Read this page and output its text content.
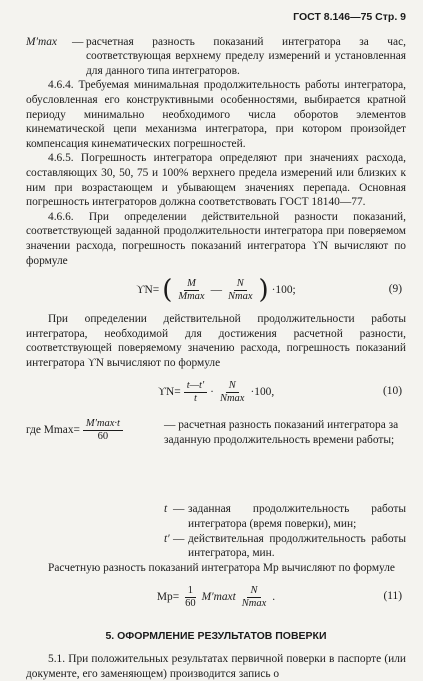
ГОСТ 8.146—75 Стр. 9
M′max — расчетная разность показаний интегратора за час, соответствующая верхнему пределу измерений и установленная для данного типа интеграторов.
4.6.4. Требуемая минимальная продолжительность работы интегратора, обусловленная его конструктивными особенностями, выбирается кратной периоду минимально необходимого числа оборотов элементов кинематической цепи механизма интегратора, при котором произойдет компенсация кинематических погрешностей.
4.6.5. Погрешность интегратора определяют при значениях расхода, составляющих 30, 50, 75 и 100% верхнего предела измерений или близких к ним при возрастающем и убывающем значениях перепада. Основная погрешность интеграторов должна соответствовать ГОСТ 18140—77.
4.6.6. При определении действительной разности показаний, соответствующей заданной продолжительности интегратора при поверяемом значении расхода, погрешность показаний интегратора ϒN вычисляют по формуле
ϒN= ( $\frac{M}{Mmax}$ — $\frac{N}{Nmax}$ ) ·100;	(9)
При определении действительной продолжительности работы интегратора, необходимой для достижения расчетной разности, соответствующей поверяемому значению расхода, погрешность показаний интегратора ϒN вычисляют по формуле
$ϒN= \frac{t—t'}{t} \cdot \frac{N}{Nmax} \cdot 100$,	(10)
где $Mmax= \frac{M'\max\cdot t}{60}$	— расчетная разность показаний интегратора за заданную продолжительность времени работы;
t — заданная продолжительность работы интегратора (время поверки), мин;
t′ — действительная продолжительность работы интегратора, мин.
Расчетную разность показаний интегратора Mр вычисляют по формуле
$Mр= \frac{1}{60} M'\max t \frac{N}{Nmax}$ .	(11)
5. ОФОРМЛЕНИЕ РЕЗУЛЬТАТОВ ПОВЕРКИ
5.1. При положительных результатах первичной поверки в паспорте (или документе, его заменяющем) производится запись о
